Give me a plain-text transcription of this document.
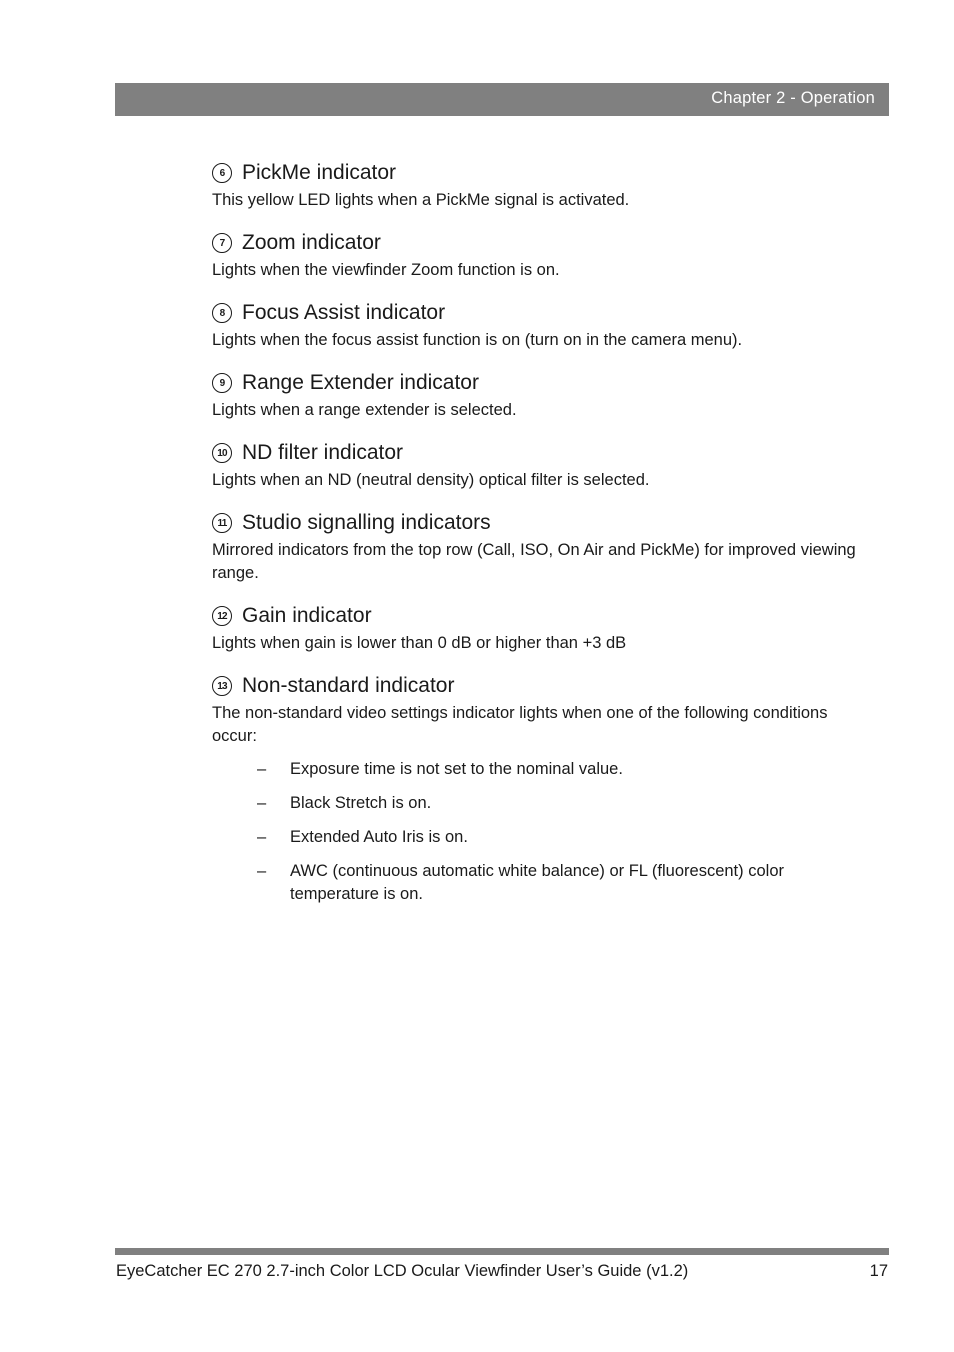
Chapter 2 - Operation
6 PickMe indicator

This yellow LED lights when a PickMe signal is activated.

7 Zoom indicator

Lights when the viewfinder Zoom function is on.

8 Focus Assist indicator

Lights when the focus assist function is on (turn on in the camera menu).

9 Range Extender indicator

Lights when a range extender is selected.

10 ND filter indicator

Lights when an ND (neutral density) optical filter is selected.

11 Studio signalling indicators

Mirrored indicators from the top row (Call, ISO, On Air and PickMe) for improved viewing range.

12 Gain indicator

Lights when gain is lower than 0 dB or higher than +3 dB

13 Non-standard indicator

The non-standard video settings indicator lights when one of the following conditions occur:

– Exposure time is not set to the nominal value.
– Black Stretch is on.
– Extended Auto Iris is on.
– AWC (continuous automatic white balance) or FL (fluorescent) color temperature is on.
EyeCatcher EC 270 2.7-inch Color LCD Ocular Viewfinder User’s Guide (v1.2)	17
